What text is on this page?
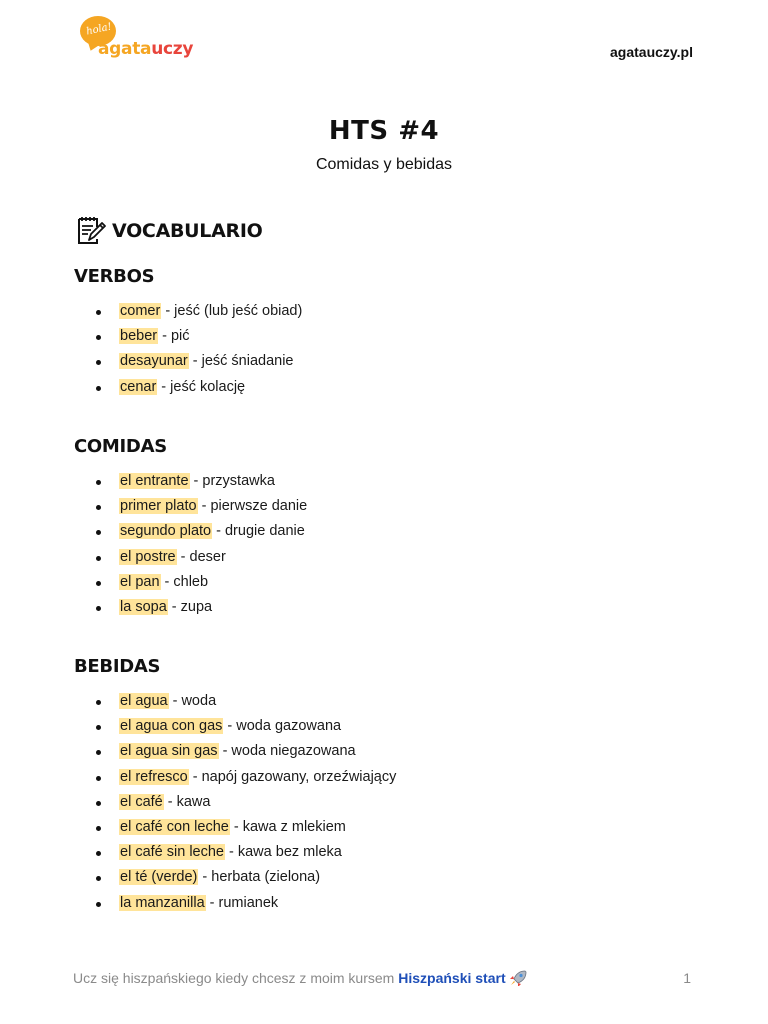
hola!
agatauczy	agatauczy.pl
HTS #4
Comidas y bebidas
VOCABULARIO
VERBOS
comer - jeść (lub jeść obiad)
beber - pić
desayunar - jeść śniadanie
cenar - jeść kolację
COMIDAS
el entrante - przystawka
primer plato - pierwsze danie
segundo plato - drugie danie
el postre - deser
el pan - chleb
la sopa - zupa
BEBIDAS
el agua - woda
el agua con gas - woda gazowana
el agua sin gas - woda niegazowana
el refresco - napój gazowany, orzeźwiający
el café - kawa
el café con leche - kawa z mlekiem
el café sin leche - kawa bez mleka
el té (verde) - herbata (zielona)
la manzanilla - rumianek
Ucz się hiszpańskiego kiedy chcesz z moim kursem Hiszpański start	1
